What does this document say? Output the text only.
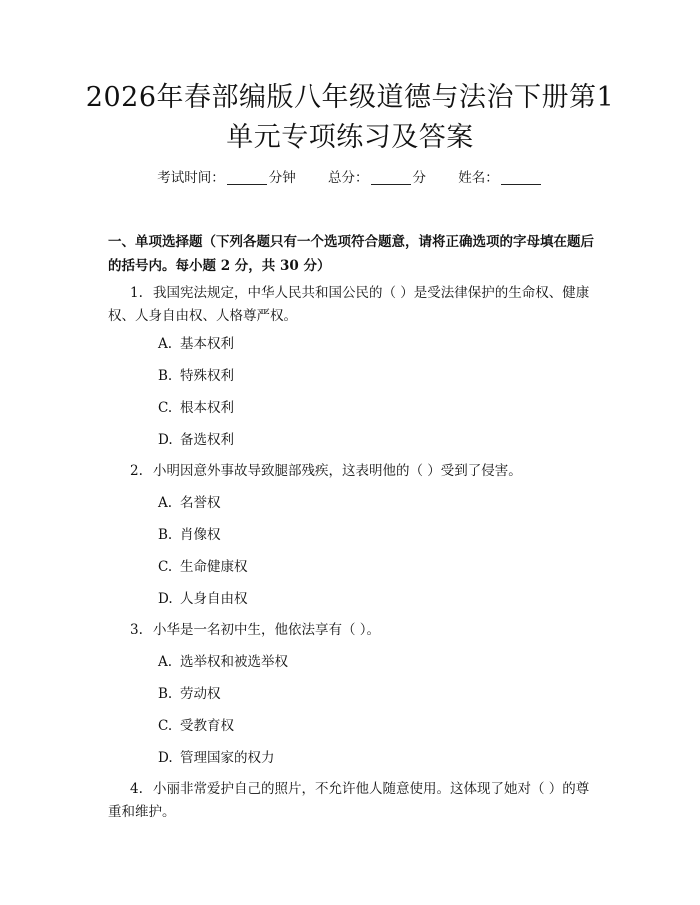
2026年春部编版八年级道德与法治下册第1
单元专项练习及答案
考试时间：	分钟 总分：	分 姓名：

一、单项选择题（下列各题只有一个选项符合题意，请将正确选项的字母填在题后的括号内。每小题 2 分，共 30 分）

1. 我国宪法规定，中华人民共和国公民的（ ）是受法律保护的生命权、健康权、人身自由权、人格尊严权。

A. 基本权利

B. 特殊权利

C. 根本权利

D. 备选权利

2. 小明因意外事故导致腿部残疾，这表明他的（ ）受到了侵害。

A. 名誉权

B. 肖像权

C. 生命健康权

D. 人身自由权

3. 小华是一名初中生，他依法享有（ ）。

A. 选举权和被选举权

B. 劳动权

C. 受教育权

D. 管理国家的权力

4. 小丽非常爱护自己的照片，不允许他人随意使用。这体现了她对（ ）的尊重和维护。
